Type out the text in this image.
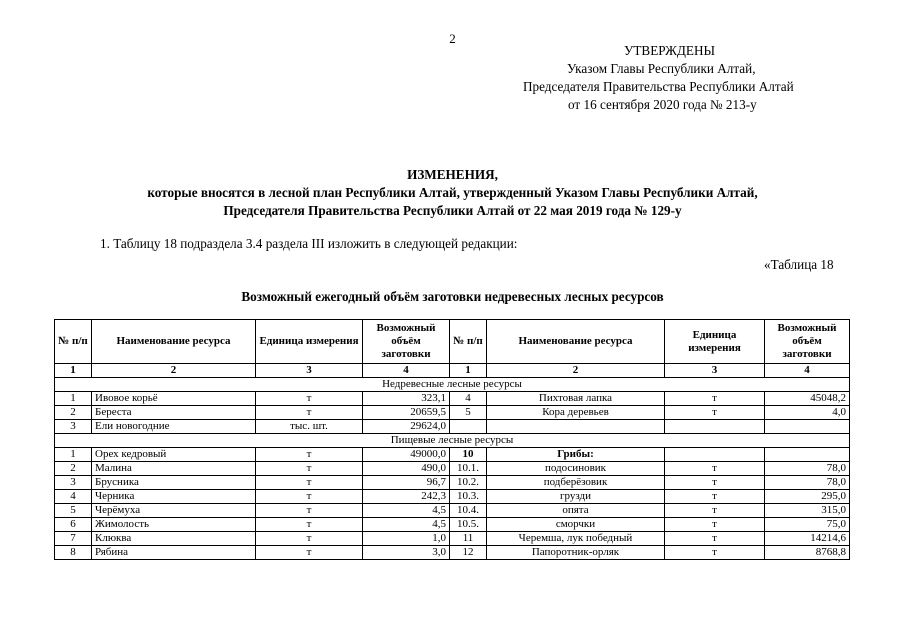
2
УТВЕРЖДЕНЫ
Указом Главы Республики Алтай,
Председателя Правительства Республики Алтай
от 16 сентября 2020 года № 213-у
ИЗМЕНЕНИЯ,
которые вносятся в лесной план Республики Алтай, утвержденный Указом Главы Республики Алтай,
Председателя Правительства Республики Алтай от 22 мая 2019 года № 129-у
1. Таблицу 18 подраздела 3.4 раздела III изложить в следующей редакции:
«Таблица 18
Возможный ежегодный объём заготовки недревесных лесных ресурсов
№ п/п	Наименование ресурса	Единица измерения	Возможный объём заготовки	№ п/п	Наименование ресурса	Единица измерения	Возможный объём заготовки
1	2	3	4	1	2	3	4
Недревесные лесные ресурсы							
1	Ивовое корьё	т	323,1	4	Пихтовая лапка	т	45048,2
2	Береста	т	20659,5	5	Кора деревьев	т	4,0
3	Ели новогодние	тыс. шт.	29624,0				
Пищевые лесные ресурсы							
1	Орех кедровый	т	49000,0	10	Грибы:		
2	Малина	т	490,0	10.1.	подосиновик	т	78,0
3	Брусника	т	96,7	10.2.	подберёзовик	т	78,0
4	Черника	т	242,3	10.3.	грузди	т	295,0
5	Черёмуха	т	4,5	10.4.	опята	т	315,0
6	Жимолость	т	4,5	10.5.	сморчки	т	75,0
7	Клюква	т	1,0	11	Черемша, лук победный	т	14214,6
8	Рябина	т	3,0	12	Папоротник-орляк	т	8768,8
